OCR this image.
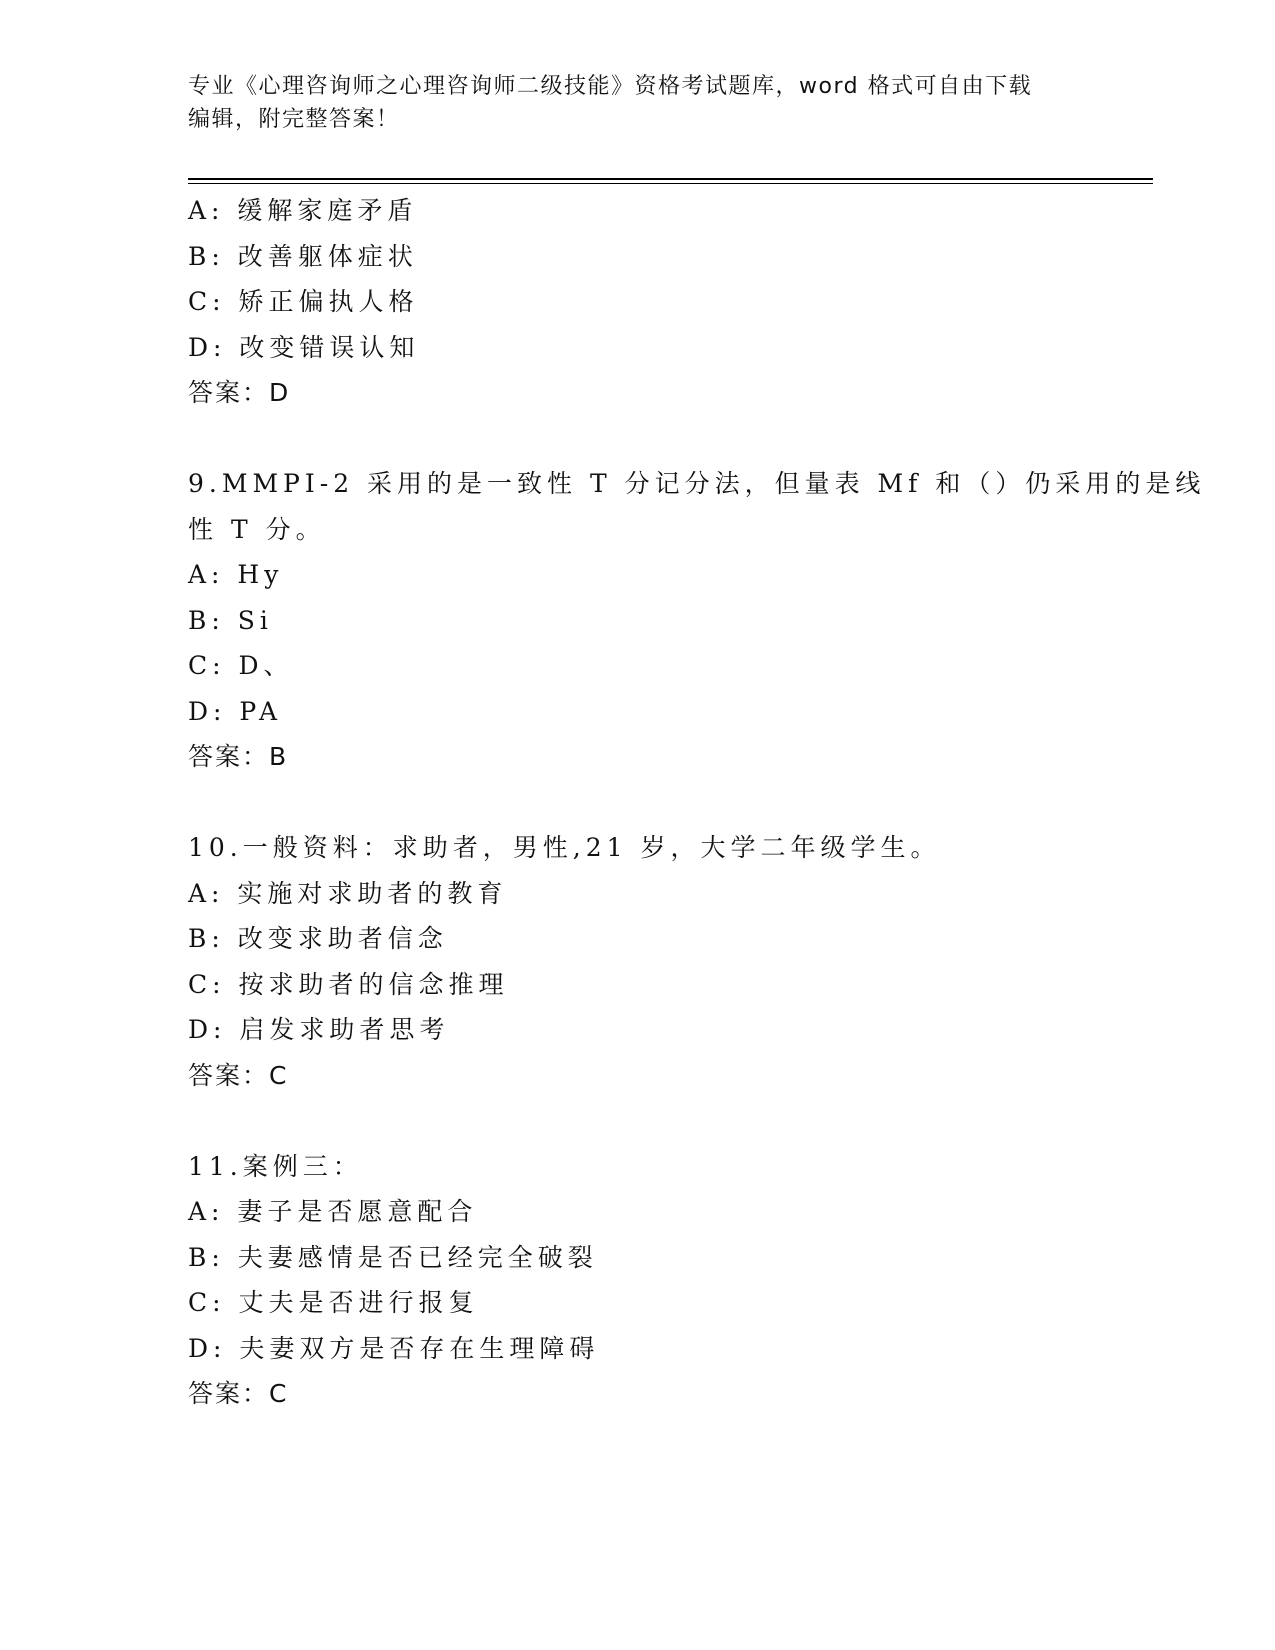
专业《心理咨询师之心理咨询师二级技能》资格考试题库，word 格式可自由下载
编辑，附完整答案！
A: 缓解家庭矛盾
B: 改善躯体症状
C: 矫正偏执人格
D: 改变错误认知
答案：D
9.MMPI-2 采用的是一致性 T 分记分法，但量表 Mf 和（）仍采用的是线
性 T 分。
A: Hy
B: Si
C: D、
D: PA
答案：B
10.一般资料：求助者，男性,21 岁，大学二年级学生。
A: 实施对求助者的教育
B: 改变求助者信念
C: 按求助者的信念推理
D: 启发求助者思考
答案：C
11.案例三：
A: 妻子是否愿意配合
B: 夫妻感情是否已经完全破裂
C: 丈夫是否进行报复
D: 夫妻双方是否存在生理障碍
答案：C
